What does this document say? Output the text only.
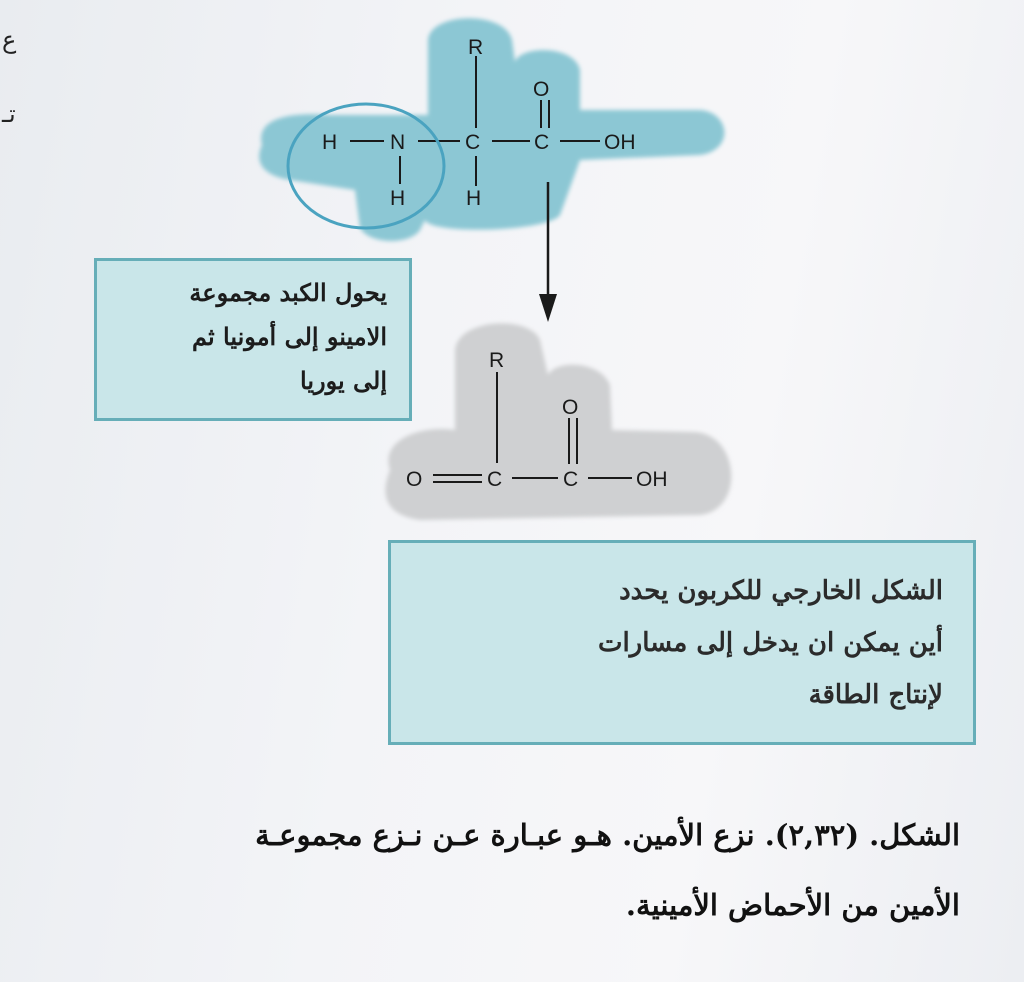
ع
تـ
R
H	N	C	C	OH
O
H	H
R
O	C	C	OH
O
يحول الكبد مجموعة
الامينو إلى أمونيا ثم
إلى يوريا
الشكل الخارجي للكربون يحدد
أين يمكن ان يدخل إلى مسارات
لإنتاج الطاقة
الشكل. (٢,٣٢). نزع الأمين. هـو عبـارة عـن نـزع مجموعـة
الأمين من الأحماض الأمينية.
